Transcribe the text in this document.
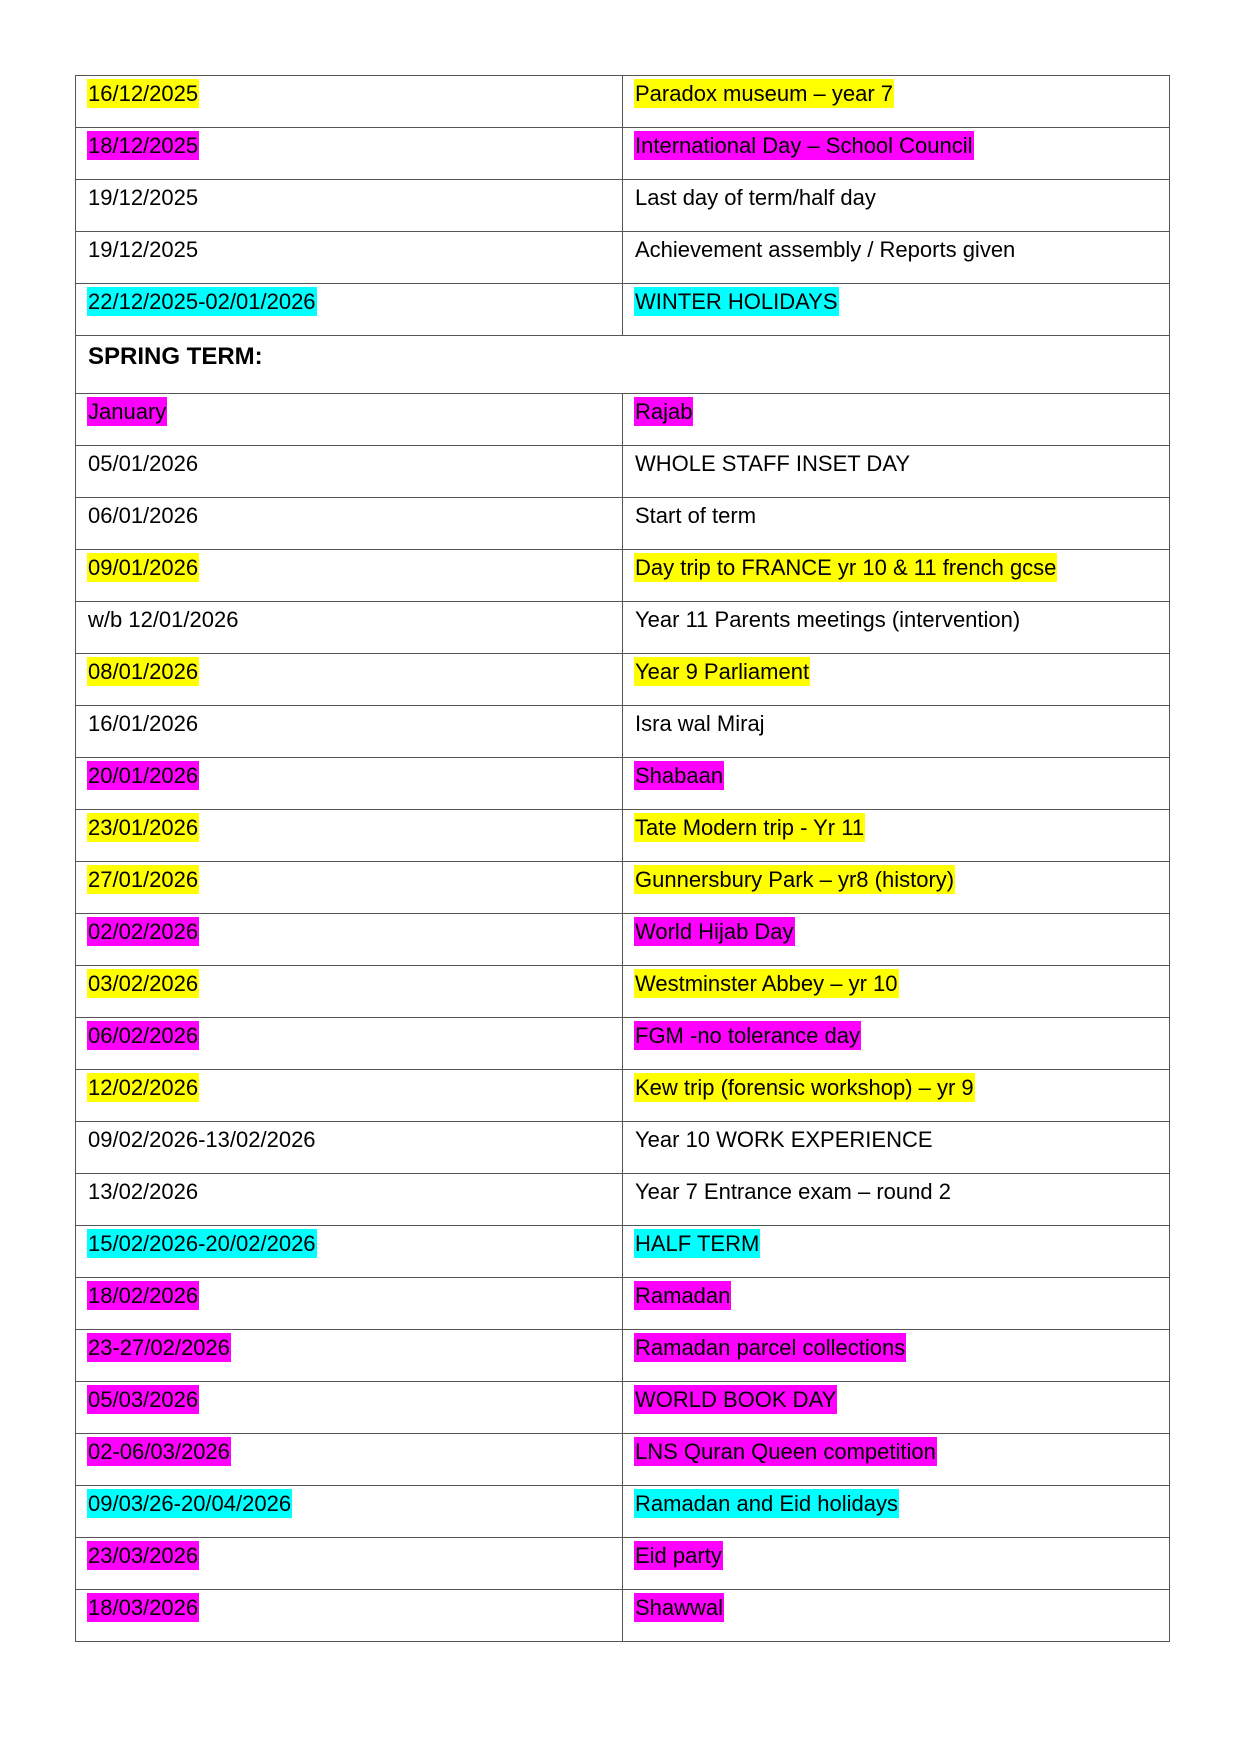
16/12/2025	Paradox museum – year 7
18/12/2025	International Day – School Council
19/12/2025	Last day of term/half day
19/12/2025	Achievement assembly / Reports given
22/12/2025-02/01/2026	WINTER HOLIDAYS
SPRING TERM:	
January	Rajab
05/01/2026	WHOLE STAFF INSET DAY
06/01/2026	Start of term
09/01/2026	Day trip to FRANCE yr 10 & 11 french gcse
w/b 12/01/2026	Year 11 Parents meetings (intervention)
08/01/2026	Year 9 Parliament
16/01/2026	Isra wal Miraj
20/01/2026	Shabaan
23/01/2026	Tate Modern trip - Yr 11
27/01/2026	Gunnersbury Park – yr8 (history)
02/02/2026	World Hijab Day
03/02/2026	Westminster Abbey – yr 10
06/02/2026	FGM -no tolerance day
12/02/2026	Kew trip (forensic workshop) – yr 9
09/02/2026-13/02/2026	Year 10 WORK EXPERIENCE
13/02/2026	Year 7 Entrance exam – round 2
15/02/2026-20/02/2026	HALF TERM
18/02/2026	Ramadan
23-27/02/2026	Ramadan parcel collections
05/03/2026	WORLD BOOK DAY
02-06/03/2026	LNS Quran Queen competition
09/03/26-20/04/2026	Ramadan and Eid holidays
23/03/2026	Eid party
18/03/2026	Shawwal
